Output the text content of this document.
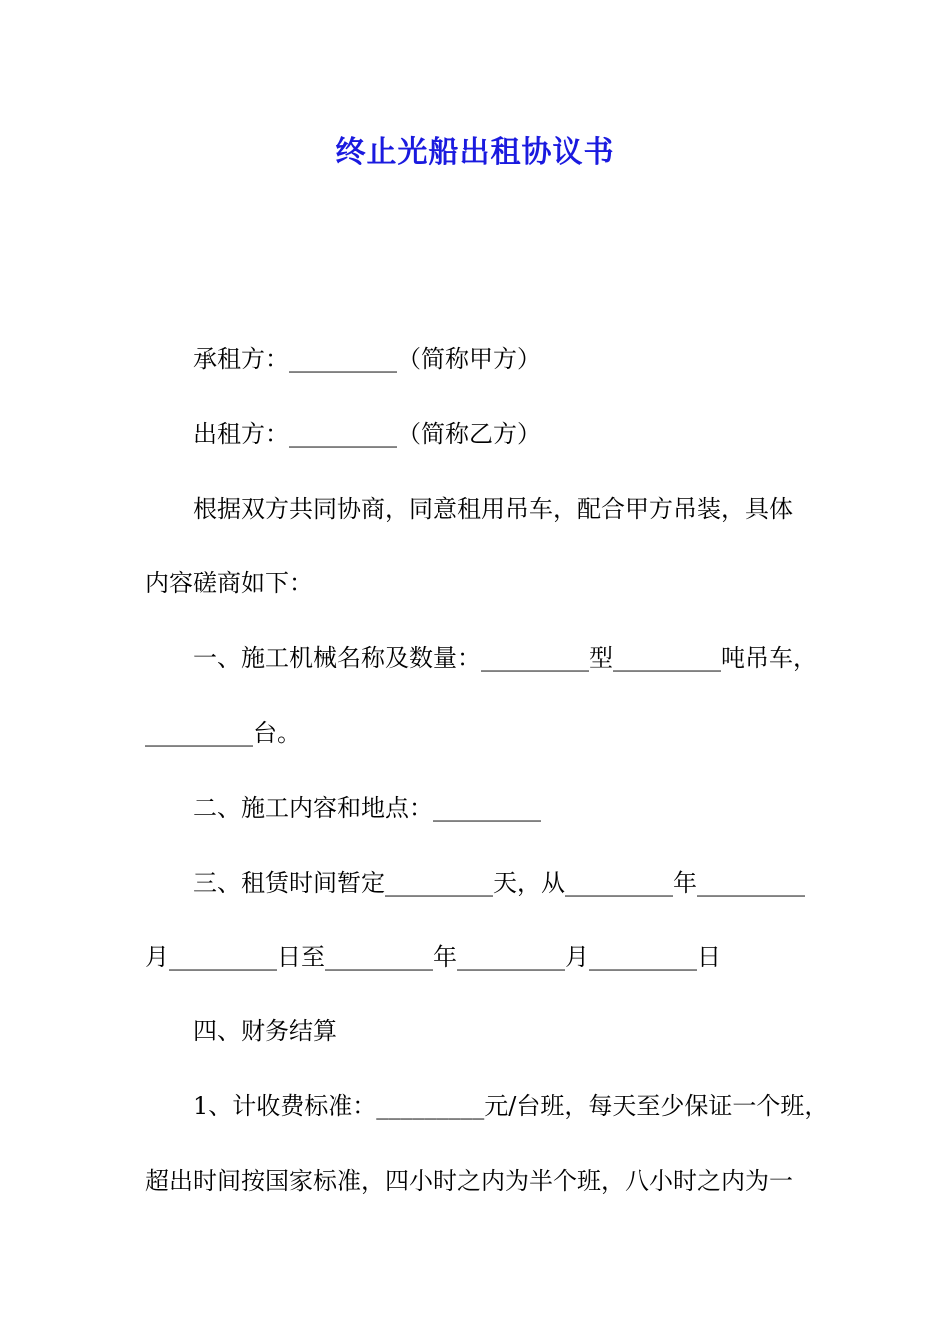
终止光船出租协议书

承租方：_________（简称甲方）

出租方：_________（简称乙方）

根据双方共同协商，同意租用吊车，配合甲方吊装，具体

内容磋商如下：

一、施工机械名称及数量：_________型_________吨吊车，

_________台。

二、施工内容和地点：_________

三、租赁时间暂定_________天，从_________年_________

月_________日至_________年_________月_________日

四、财务结算

1、计收费标准：_________元/台班，每天至少保证一个班，

超出时间按国家标准，四小时之内为半个班，八小时之内为一
